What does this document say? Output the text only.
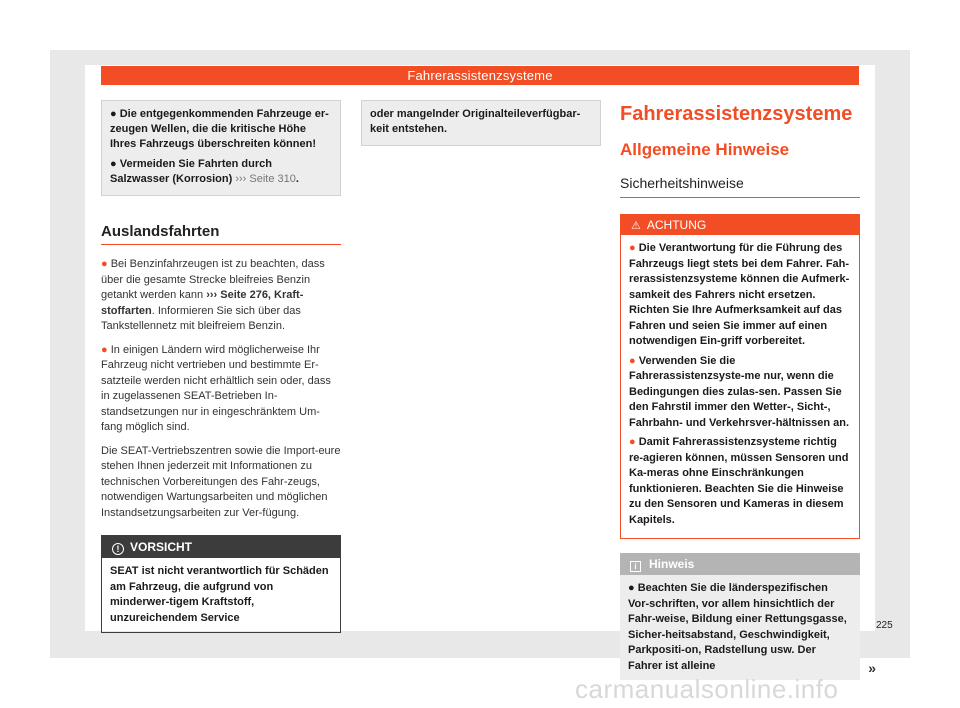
Fahrerassistenzsysteme
● Die entgegenkommenden Fahrzeuge er-zeugen Wellen, die die kritische Höhe Ihres Fahrzeugs überschreiten können!
● Vermeiden Sie Fahrten durch Salzwasser (Korrosion) ››› Seite 310.
Auslandsfahrten

● Bei Benzinfahrzeugen ist zu beachten, dass über die gesamte Strecke bleifreies Benzin getankt werden kann ››› Seite 276, Kraft-stoffarten. Informieren Sie sich über das Tankstellennetz mit bleifreiem Benzin.

● In einigen Ländern wird möglicherweise Ihr Fahrzeug nicht vertrieben und bestimmte Er-satzteile werden nicht erhältlich sein oder, dass in zugelassenen SEAT-Betrieben In-standsetzungen nur in eingeschränktem Um-fang möglich sind.

Die SEAT-Vertriebszentren sowie die Import-eure stehen Ihnen jederzeit mit Informationen zu technischen Vorbereitungen des Fahr-zeugs, notwendigen Wartungsarbeiten und möglichen Instandsetzungsarbeiten zur Ver-fügung.

! VORSICHT
SEAT ist nicht verantwortlich für Schäden am Fahrzeug, die aufgrund von minderwer-tigem Kraftstoff, unzureichendem Service
oder mangelnder Originalteileverfügbar-keit entstehen.
Fahrerassistenzsysteme
Allgemeine Hinweise
Sicherheitshinweise
⚠ ACHTUNG
● Die Verantwortung für die Führung des Fahrzeugs liegt stets bei dem Fahrer. Fah-rerassistenzsysteme können die Aufmerk-samkeit des Fahrers nicht ersetzen. Richten Sie Ihre Aufmerksamkeit auf das Fahren und seien Sie immer auf einen notwendigen Ein-griff vorbereitet.
● Verwenden Sie die Fahrerassistenzsyste-me nur, wenn die Bedingungen dies zulas-sen. Passen Sie den Fahrstil immer den Wetter-, Sicht-, Fahrbahn- und Verkehrsver-hältnissen an.
● Damit Fahrerassistenzsysteme richtig re-agieren können, müssen Sensoren und Ka-meras ohne Einschränkungen funktionieren. Beachten Sie die Hinweise zu den Sensoren und Kameras in diesem Kapitels.
i Hinweis
● Beachten Sie die länderspezifischen Vor-schriften, vor allem hinsichtlich der Fahr-weise, Bildung einer Rettungsgasse, Sicher-heitsabstand, Geschwindigkeit, Parkpositi-on, Radstellung usw. Der Fahrer ist alleine	»
225
carmanualsonline.info
